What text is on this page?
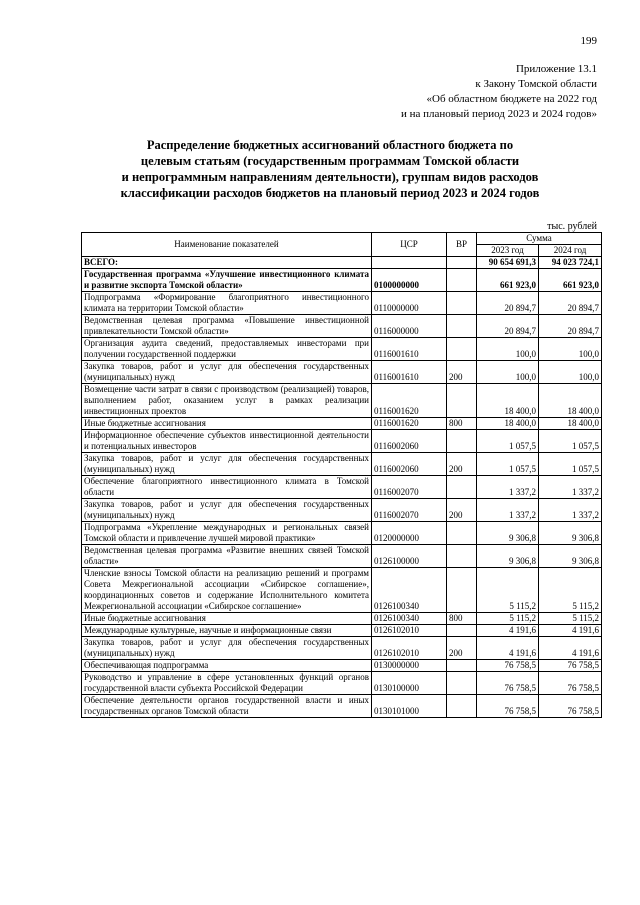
199
Приложение 13.1
к Закону Томской области
«Об областном бюджете на 2022 год
и на плановый период 2023 и 2024 годов»
Распределение бюджетных ассигнований областного бюджета по
целевым статьям (государственным программам Томской области
и непрограммным направлениям деятельности), группам видов расходов
классификации расходов бюджетов на плановый период 2023 и 2024 годов
тыс. рублей
Наименование показателей	ЦСР	ВР	Сумма	
			2023 год	2024 год
ВСЕГО:			90 654 691,3	94 023 724,1
Государственная программа «Улучшение инвестиционного климата и развитие экспорта Томской области»	0100000000		661 923,0	661 923,0
Подпрограмма «Формирование благоприятного инвестиционного климата на территории Томской области»	0110000000		20 894,7	20 894,7
Ведомственная целевая программа «Повышение инвестиционной привлекательности Томской области»	0116000000		20 894,7	20 894,7
Организация аудита сведений, предоставляемых инвесторами при получении государственной поддержки	0116001610		100,0	100,0
Закупка товаров, работ и услуг для обеспечения государственных (муниципальных) нужд	0116001610	200	100,0	100,0
Возмещение части затрат в связи с производством (реализацией) товаров, выполнением работ, оказанием услуг в рамках реализации инвестиционных проектов	0116001620		18 400,0	18 400,0
Иные бюджетные ассигнования	0116001620	800	18 400,0	18 400,0
Информационное обеспечение субъектов инвестиционной деятельности и потенциальных инвесторов	0116002060		1 057,5	1 057,5
Закупка товаров, работ и услуг для обеспечения государственных (муниципальных) нужд	0116002060	200	1 057,5	1 057,5
Обеспечение благоприятного инвестиционного климата в Томской области	0116002070		1 337,2	1 337,2
Закупка товаров, работ и услуг для обеспечения государственных (муниципальных) нужд	0116002070	200	1 337,2	1 337,2
Подпрограмма «Укрепление международных и региональных связей Томской области и привлечение лучшей мировой практики»	0120000000		9 306,8	9 306,8
Ведомственная целевая программа «Развитие внешних связей Томской области»	0126100000		9 306,8	9 306,8
Членские взносы Томской области на реализацию решений и программ Совета Межрегиональной ассоциации «Сибирское соглашение», координационных советов и содержание Исполнительного комитета Межрегиональной ассоциации «Сибирское соглашение»	0126100340		5 115,2	5 115,2
Иные бюджетные ассигнования	0126100340	800	5 115,2	5 115,2
Международные культурные, научные и информационные связи	0126102010		4 191,6	4 191,6
Закупка товаров, работ и услуг для обеспечения государственных (муниципальных) нужд	0126102010	200	4 191,6	4 191,6
Обеспечивающая подпрограмма	0130000000		76 758,5	76 758,5
Руководство и управление в сфере установленных функций органов государственной власти субъекта Российской Федерации	0130100000		76 758,5	76 758,5
Обеспечение деятельности органов государственной власти и иных государственных органов Томской области	0130101000		76 758,5	76 758,5
